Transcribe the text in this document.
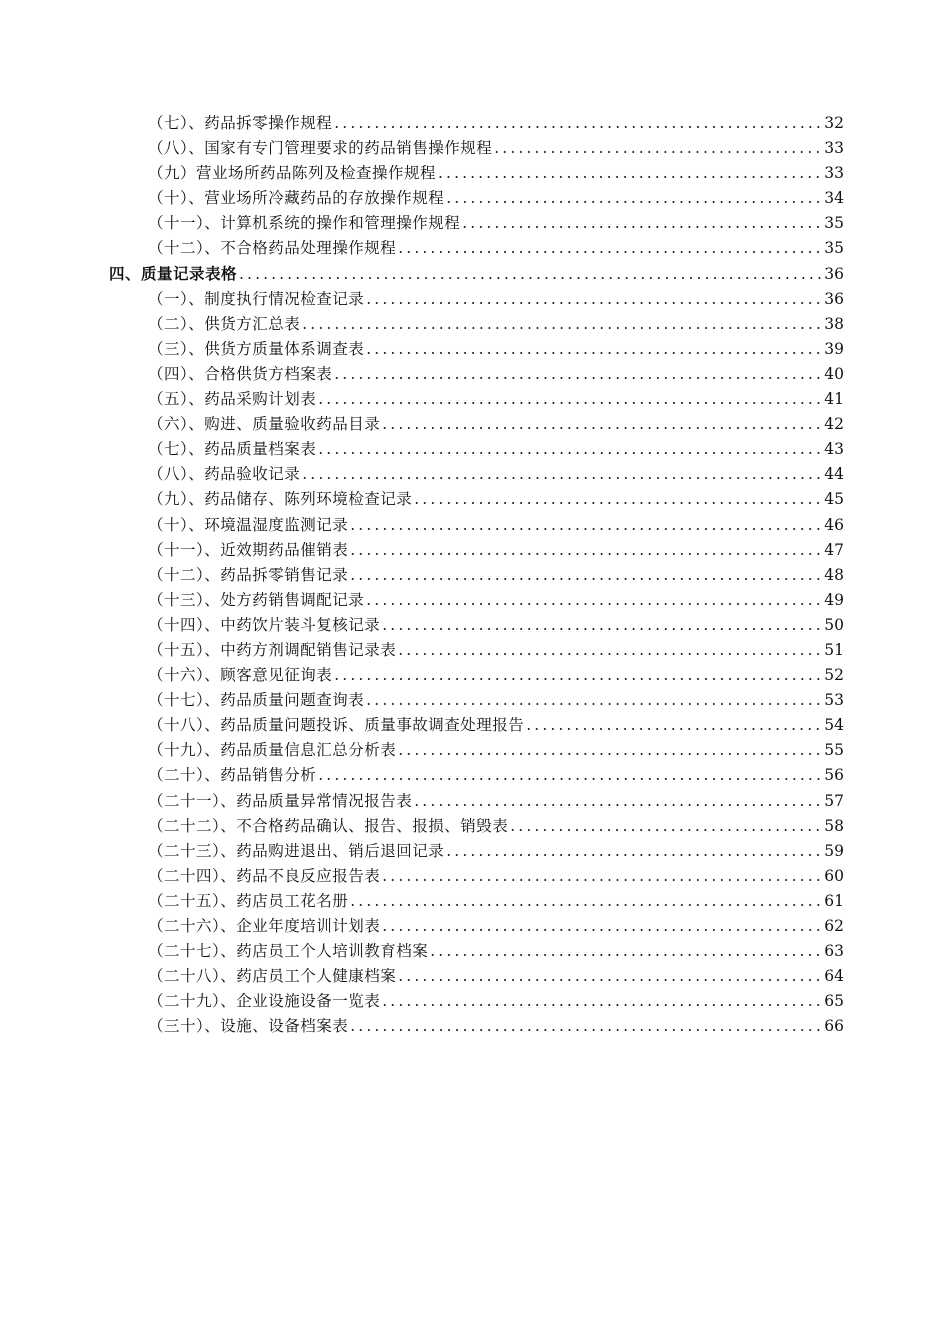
（七）、药品拆零操作规程 .....	32
（八）、国家有专门管理要求的药品销售操作规程 .....	33
（九）营业场所药品陈列及检查操作规程 .....	33
（十）、营业场所冷藏药品的存放操作规程 .....	34
（十一）、计算机系统的操作和管理操作规程 .....	35
（十二）、不合格药品处理操作规程 .....	35
四、质量记录表格 .....	36
（一）、制度执行情况检查记录 .....	36
（二）、供货方汇总表 .....	38
（三）、供货方质量体系调查表 .....	39
（四）、合格供货方档案表 .....	40
（五）、药品采购计划表 .....	41
（六）、购进、质量验收药品目录 .....	42
（七）、药品质量档案表 .....	43
（八）、药品验收记录 .....	44
（九）、药品储存、陈列环境检查记录 .....	45
（十）、环境温湿度监测记录 .....	46
（十一）、近效期药品催销表 .....	47
（十二）、药品拆零销售记录 .....	48
（十三）、处方药销售调配记录 .....	49
（十四）、中药饮片装斗复核记录 .....	50
（十五）、中药方剂调配销售记录表 .....	51
（十六）、顾客意见征询表 .....	52
（十七）、药品质量问题查询表 .....	53
（十八）、药品质量问题投诉、质量事故调查处理报告 .....	54
（十九）、药品质量信息汇总分析表 .....	55
（二十）、药品销售分析 .....	56
（二十一）、药品质量异常情况报告表 .....	57
（二十二）、不合格药品确认、报告、报损、销毁表 .....	58
（二十三）、药品购进退出、销后退回记录 .....	59
（二十四）、药品不良反应报告表 .....	60
（二十五）、药店员工花名册 .....	61
（二十六）、企业年度培训计划表 .....	62
（二十七）、药店员工个人培训教育档案 .....	63
（二十八）、药店员工个人健康档案 .....	64
（二十九）、企业设施设备一览表 .....	65
（三十）、设施、设备档案表 .....	66
